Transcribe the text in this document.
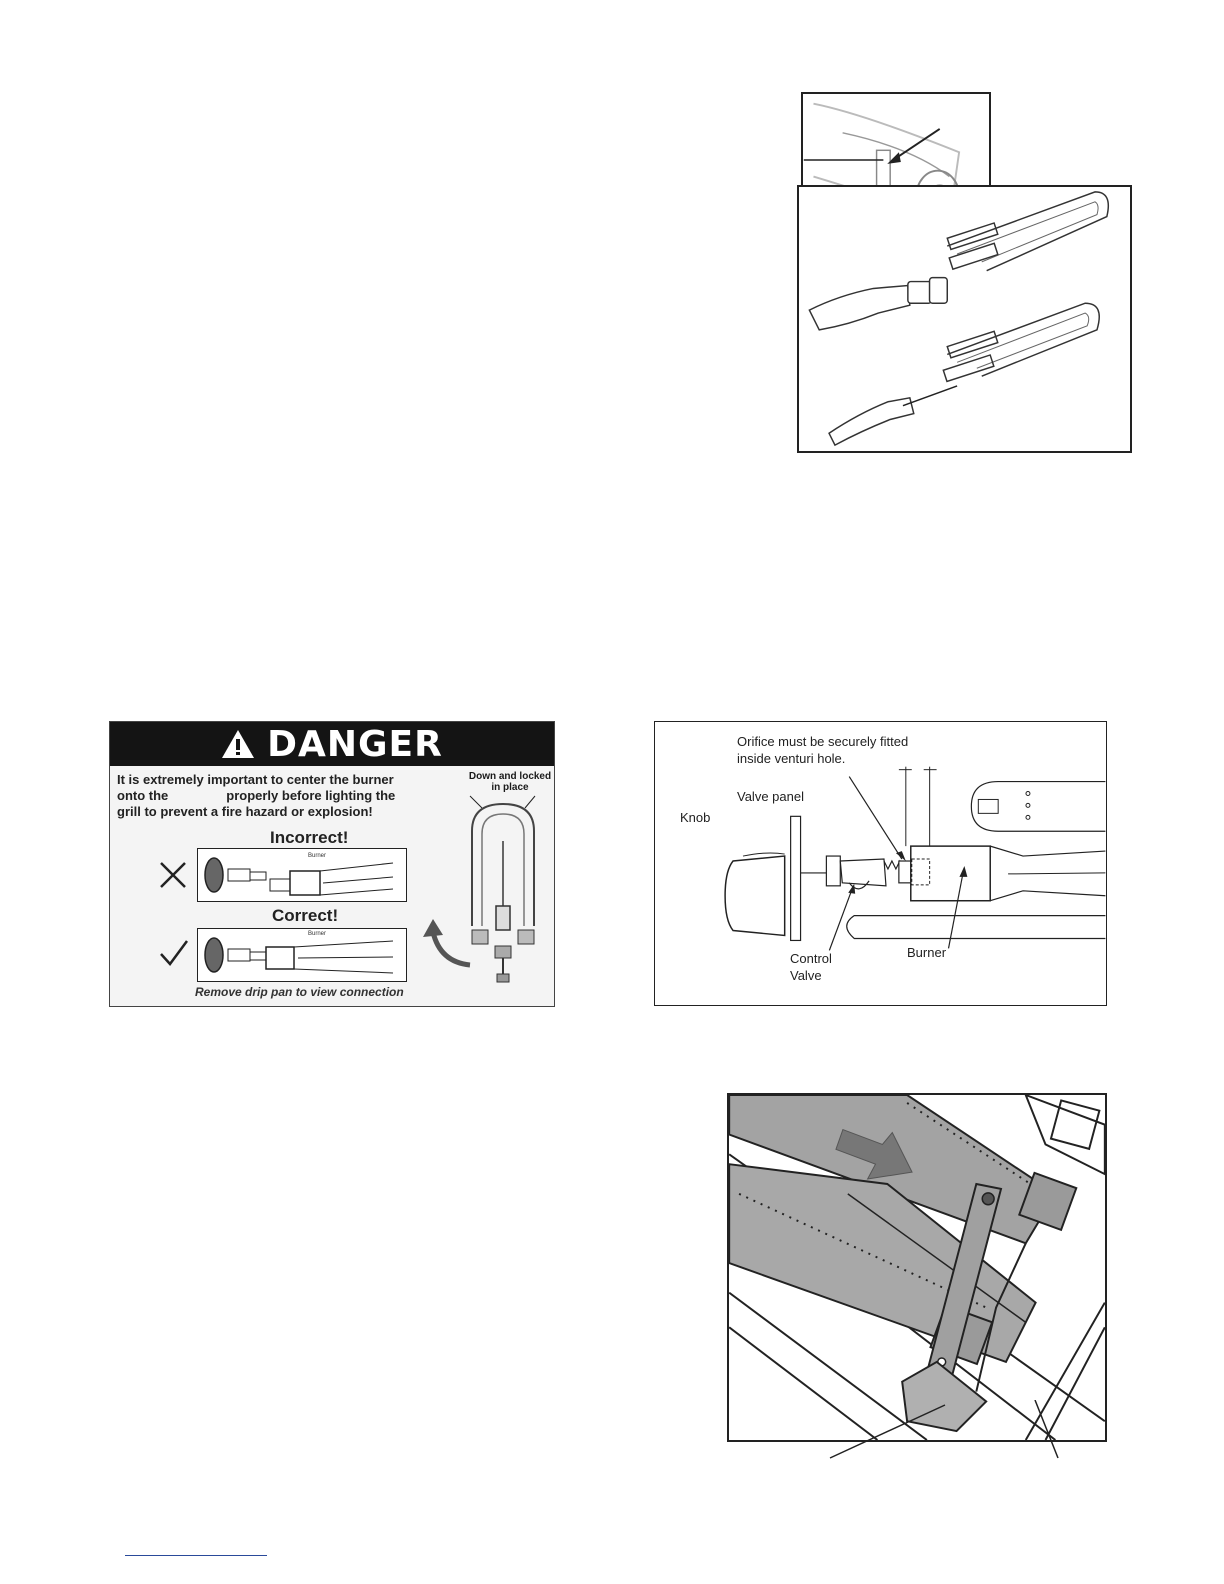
DANGER
It is extremely important to center the burner
onto the	properly before lighting the
grill to prevent a fire hazard or explosion!
Down and locked in place
Incorrect!
Burner
Correct!
Burner
Remove drip pan to view connection
Orifice must be securely fitted inside venturi hole.
Valve panel
Knob
Control
Valve
Burner
